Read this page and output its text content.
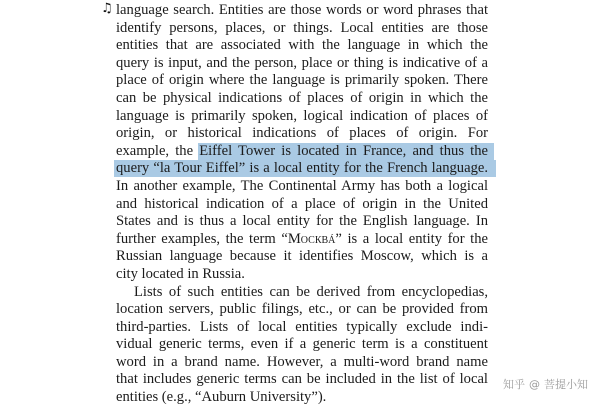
♫ language search. Entities are those words or word phrases that
identify persons, places, or things. Local entities are those
entities that are associated with the language in which the
query is input, and the person, place or thing is indicative of a
place of origin where the language is primarily spoken. There
can be physical indications of places of origin in which the
language is primarily spoken, logical indication of places of
origin, or historical indications of places of origin. For
example, the Eiffel Tower is located in France, and thus the
query “la Tour Eiffel” is a local entity for the French language.
In another example, The Continental Army has both a logical
and historical indication of a place of origin in the United
States and is thus a local entity for the English language. In
further examples, the term “Москвá” is a local entity for the
Russian language because it identifies Moscow, which is a
city located in Russia.
Lists of such entities can be derived from encyclopedias,
location servers, public filings, etc., or can be provided from
third-parties. Lists of local entities typically exclude indi-
vidual generic terms, even if a generic term is a constituent
word in a brand name. However, a multi-word brand name
that includes generic terms can be included in the list of local
entities (e.g., “Auburn University”).
知乎 @ 菩提小知
